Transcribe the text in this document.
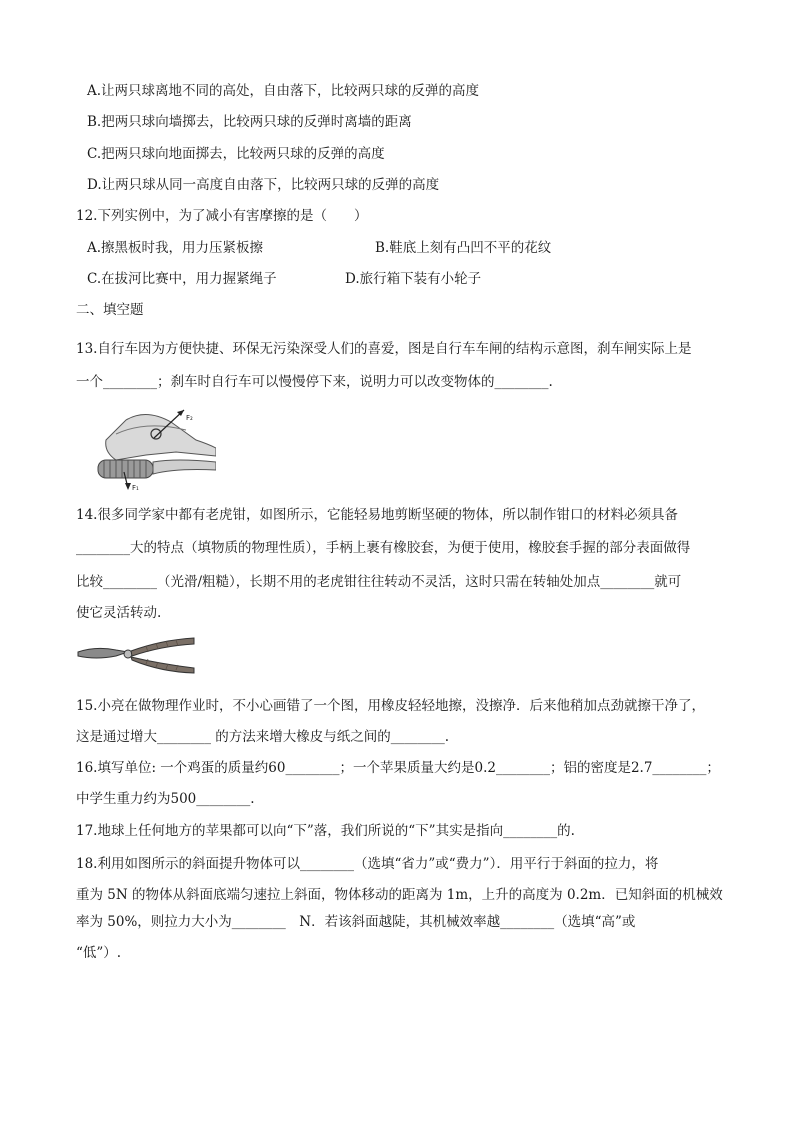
A.让两只球离地不同的高处，自由落下，比较两只球的反弹的高度
B.把两只球向墙掷去，比较两只球的反弹时离墙的距离
C.把两只球向地面掷去，比较两只球的反弹的高度
D.让两只球从同一高度自由落下，比较两只球的反弹的高度
12.下列实例中，为了减小有害摩擦的是（　　）
A.擦黑板时我，用力压紧板擦	B.鞋底上刻有凸凹不平的花纹
C.在拔河比赛中，用力握紧绳子	D.旅行箱下装有小轮子
二、填空题
13.自行车因为方便快捷、环保无污染深受人们的喜爱，图是自行车车闸的结构示意图，刹车闸实际上是
一个________；刹车时自行车可以慢慢停下来，说明力可以改变物体的________.
F₂
F₁
14.很多同学家中都有老虎钳，如图所示，它能轻易地剪断坚硬的物体，所以制作钳口的材料必须具备
________大的特点（填物质的物理性质），手柄上裹有橡胶套，为便于使用，橡胶套手握的部分表面做得
比较________（光滑/粗糙），长期不用的老虎钳往往转动不灵活，这时只需在转轴处加点________就可
使它灵活转动.
15.小亮在做物理作业时，不小心画错了一个图，用橡皮轻轻地擦，没擦净．后来他稍加点劲就擦干净了，
这是通过增大________ 的方法来增大橡皮与纸之间的________.
16.填写单位: 一个鸡蛋的质量约60________；一个苹果质量大约是0.2________；铝的密度是2.7________；
中学生重力约为500________.
17.地球上任何地方的苹果都可以向“下”落，我们所说的“下”其实是指向________的.
18.利用如图所示的斜面提升物体可以________（选填“省力”或“费力”）．用平行于斜面的拉力，将
重为 5N 的物体从斜面底端匀速拉上斜面，物体移动的距离为 1m，上升的高度为 0.2m．已知斜面的机械效
率为 50%，则拉力大小为________　N．若该斜面越陡，其机械效率越________（选填“高”或
“低”）.
